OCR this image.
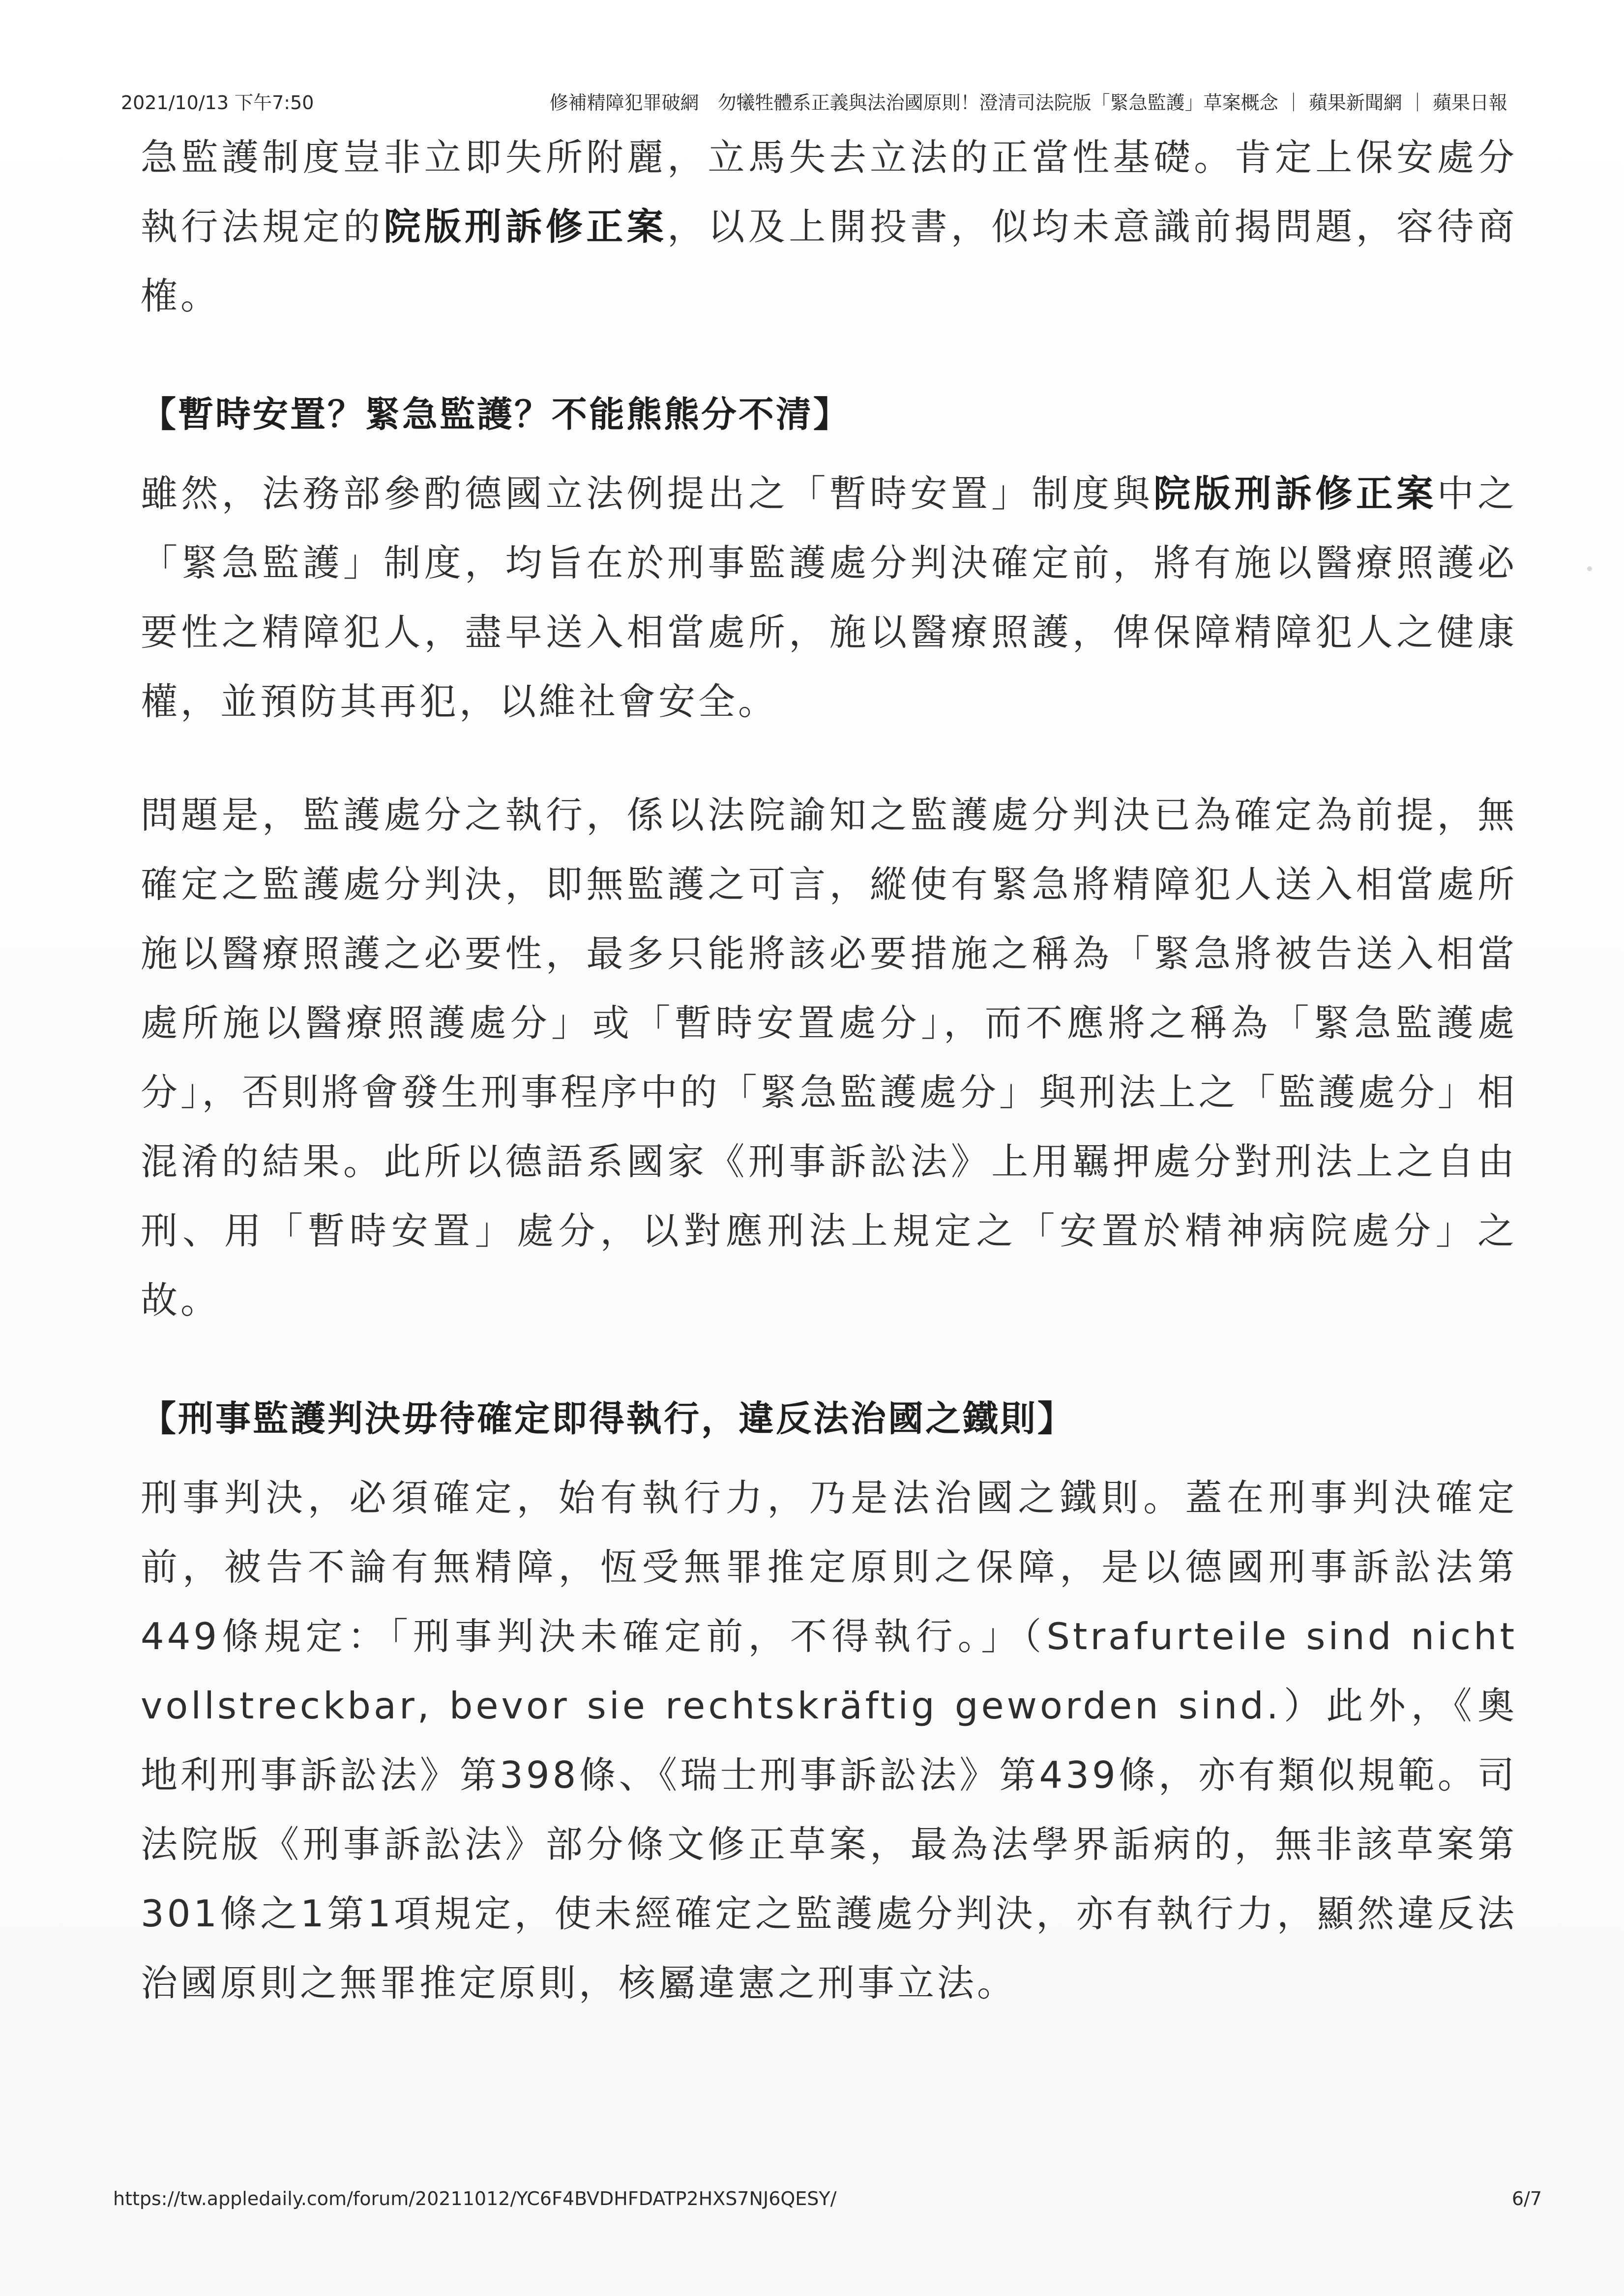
2021/10/13 下午7:50	修補精障犯罪破網　勿犧牲體系正義與法治國原則！澄清司法院版「緊急監護」草案概念 ｜ 蘋果新聞網 ｜ 蘋果日報

急監護制度豈非立即失所附麗，立馬失去立法的正當性基礎。肯定上保安處分執行法規定的院版刑訴修正案，以及上開投書，似均未意識前揭問題，容待商榷。

【暫時安置？緊急監護？不能熊熊分不清】

雖然，法務部參酌德國立法例提出之「暫時安置」制度與院版刑訴修正案中之「緊急監護」制度，均旨在於刑事監護處分判決確定前，將有施以醫療照護必要性之精障犯人，盡早送入相當處所，施以醫療照護，俾保障精障犯人之健康權，並預防其再犯，以維社會安全。

問題是，監護處分之執行，係以法院諭知之監護處分判決已為確定為前提，無確定之監護處分判決，即無監護之可言，縱使有緊急將精障犯人送入相當處所施以醫療照護之必要性，最多只能將該必要措施之稱為「緊急將被告送入相當處所施以醫療照護處分」或「暫時安置處分」，而不應將之稱為「緊急監護處分」，否則將會發生刑事程序中的「緊急監護處分」與刑法上之「監護處分」相混淆的結果。此所以德語系國家《刑事訴訟法》上用羈押處分對刑法上之自由刑、用「暫時安置」處分，以對應刑法上規定之「安置於精神病院處分」之故。

【刑事監護判決毋待確定即得執行，違反法治國之鐵則】

刑事判決，必須確定，始有執行力，乃是法治國之鐵則。蓋在刑事判決確定前，被告不論有無精障，恆受無罪推定原則之保障，是以德國刑事訴訟法第449條規定：「刑事判決未確定前，不得執行。」（Strafurteile sind nicht vollstreckbar, bevor sie rechtskräftig geworden sind.）此外，《奧地利刑事訴訟法》第398條、《瑞士刑事訴訟法》第439條，亦有類似規範。司法院版《刑事訴訟法》部分條文修正草案，最為法學界詬病的，無非該草案第301條之1第1項規定，使未經確定之監護處分判決，亦有執行力，顯然違反法治國原則之無罪推定原則，核屬違憲之刑事立法。

https://tw.appledaily.com/forum/20211012/YC6F4BVDHFDATP2HXS7NJ6QESY/	6/7
